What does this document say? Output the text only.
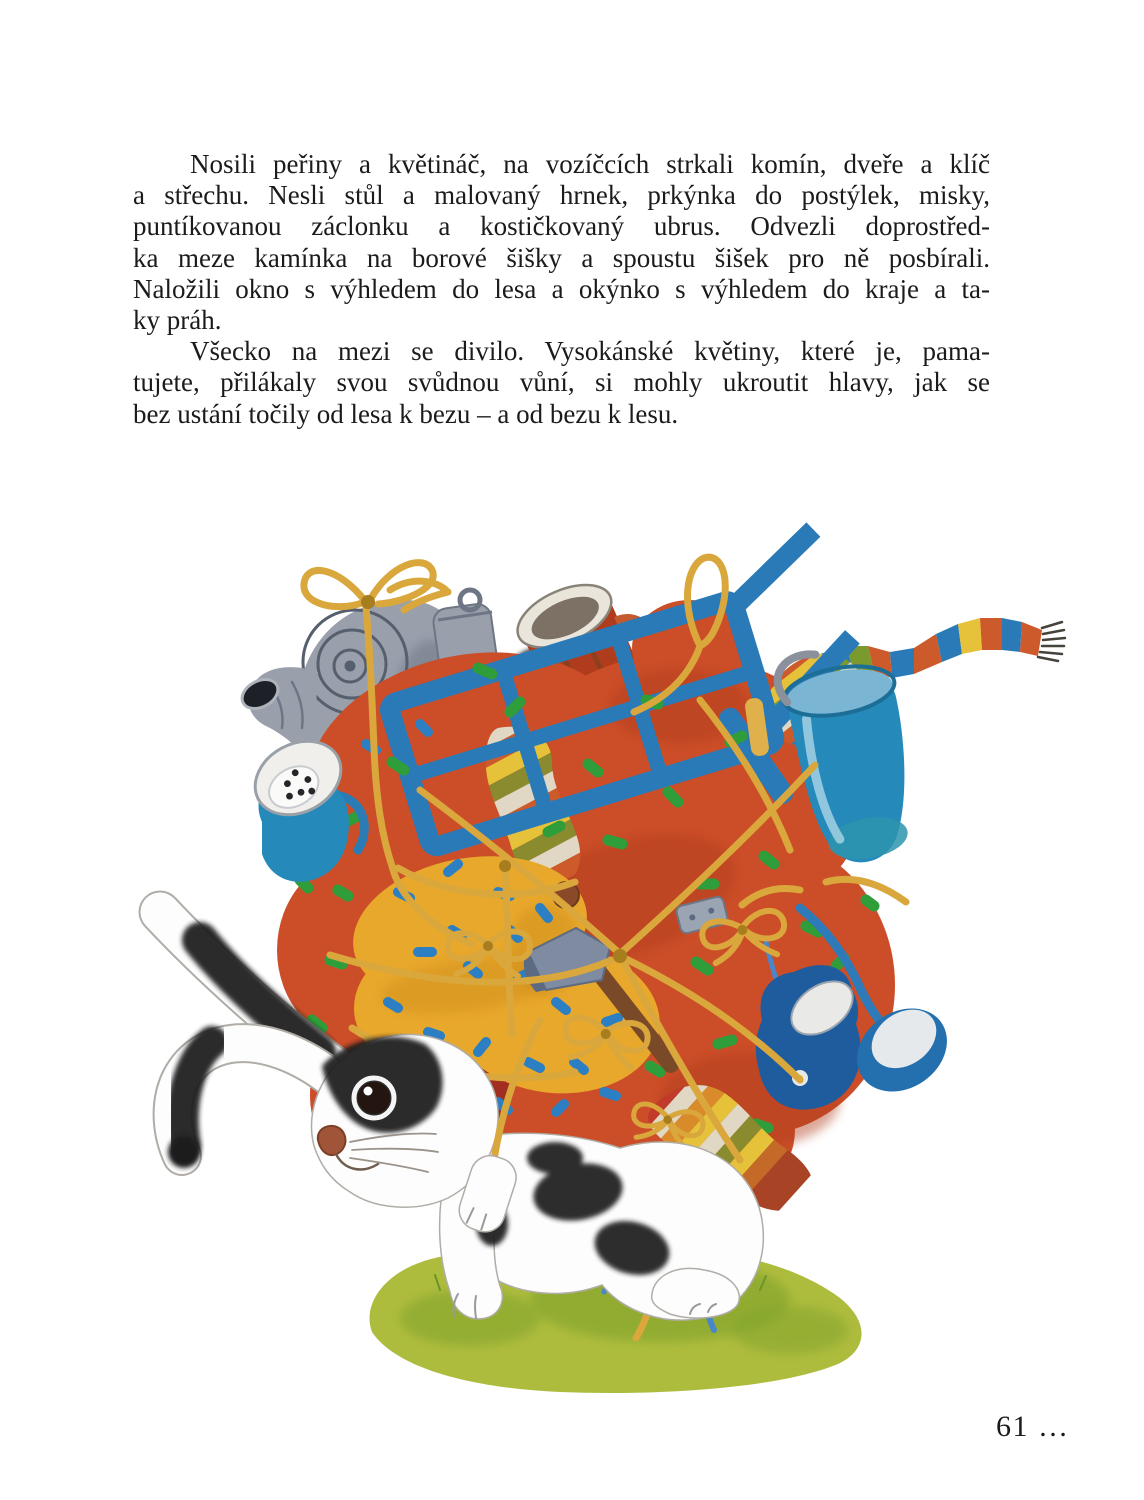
Nosili peřiny a květináč, na vozíčcích strkali komín, dveře a klíč
a střechu. Nesli stůl a malovaný hrnek, prkýnka do postýlek, misky,
puntíkovanou záclonku a kostičkovaný ubrus. Odvezli doprostřed-
ka meze kamínka na borové šišky a spoustu šišek pro ně posbírali.
Naložili okno s výhledem do lesa a okýnko s výhledem do kraje a ta-
ky práh.
Všecko na mezi se divilo. Vysokánské květiny, které je, pama-
tujete, přilákaly svou svůdnou vůní, si mohly ukroutit hlavy, jak se
bez ustání točily od lesa k bezu – a od bezu k lesu.
61 …
